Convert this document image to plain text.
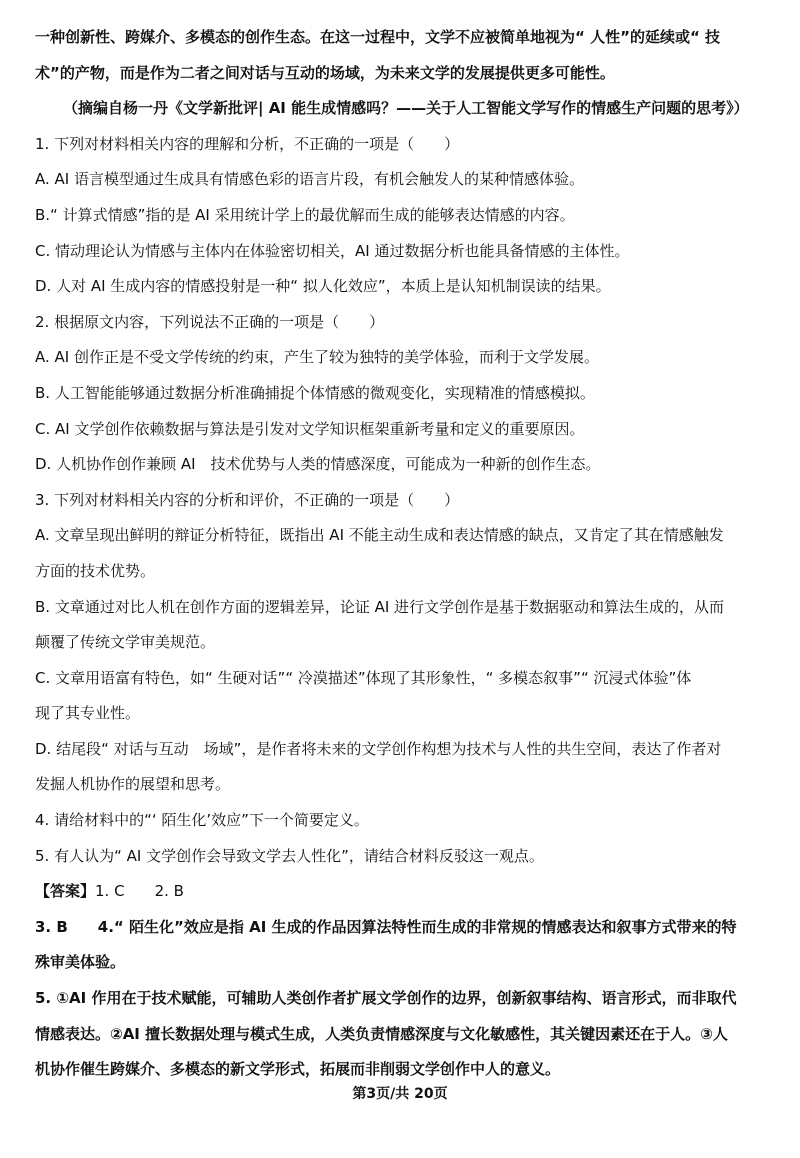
一种创新性、跨媒介、多模态的创作生态。在这一过程中，文学不应被简单地视为“ 人性”的延续或“ 技
术”的产物，而是作为二者之间对话与互动的场域，为未来文学的发展提供更多可能性。
（摘编自杨一丹《文学新批评| AI 能生成情感吗？——关于人工智能文学写作的情感生产问题的思考》）
1. 下列对材料相关内容的理解和分析，不正确的一项是（　　）
A. AI 语言模型通过生成具有情感色彩的语言片段，有机会触发人的某种情感体验。
B.“ 计算式情感”指的是 AI 采用统计学上的最优解而生成的能够表达情感的内容。
C. 情动理论认为情感与主体内在体验密切相关，AI 通过数据分析也能具备情感的主体性。
D. 人对 AI 生成内容的情感投射是一种“ 拟人化效应”，本质上是认知机制误读的结果。
2. 根据原文内容，下列说法不正确的一项是（　　）
A. AI 创作正是不受文学传统的约束，产生了较为独特的美学体验，而利于文学发展。
B. 人工智能能够通过数据分析准确捕捉个体情感的微观变化，实现精准的情感模拟。
C. AI 文学创作依赖数据与算法是引发对文学知识框架重新考量和定义的重要原因。
D. 人机协作创作兼顾 AI　技术优势与人类的情感深度，可能成为一种新的创作生态。
3. 下列对材料相关内容的分析和评价，不正确的一项是（　　）
A. 文章呈现出鲜明的辩证分析特征，既指出 AI 不能主动生成和表达情感的缺点，又肯定了其在情感触发
方面的技术优势。
B. 文章通过对比人机在创作方面的逻辑差异，论证 AI 进行文学创作是基于数据驱动和算法生成的，从而
颠覆了传统文学审美规范。
C. 文章用语富有特色，如“ 生硬对话”“ 冷漠描述”体现了其形象性，“ 多模态叙事”“ 沉浸式体验”体
现了其专业性。
D. 结尾段“ 对话与互动　场域”，是作者将未来的文学创作构想为技术与人性的共生空间，表达了作者对
发掘人机协作的展望和思考。
4. 请给材料中的“‘ 陌生化’效应”下一个简要定义。
5. 有人认为“ AI 文学创作会导致文学去人性化”，请结合材料反驳这一观点。
【答案】1. C　　2. B
3. B　　4.“ 陌生化”效应是指 AI 生成的作品因算法特性而生成的非常规的情感表达和叙事方式带来的特
殊审美体验。
5. ①AI 作用在于技术赋能，可辅助人类创作者扩展文学创作的边界，创新叙事结构、语言形式，而非取代
情感表达。②AI 擅长数据处理与模式生成，人类负责情感深度与文化敏感性，其关键因素还在于人。③人
机协作催生跨媒介、多模态的新文学形式，拓展而非削弱文学创作中人的意义。
第3页/共 20页
